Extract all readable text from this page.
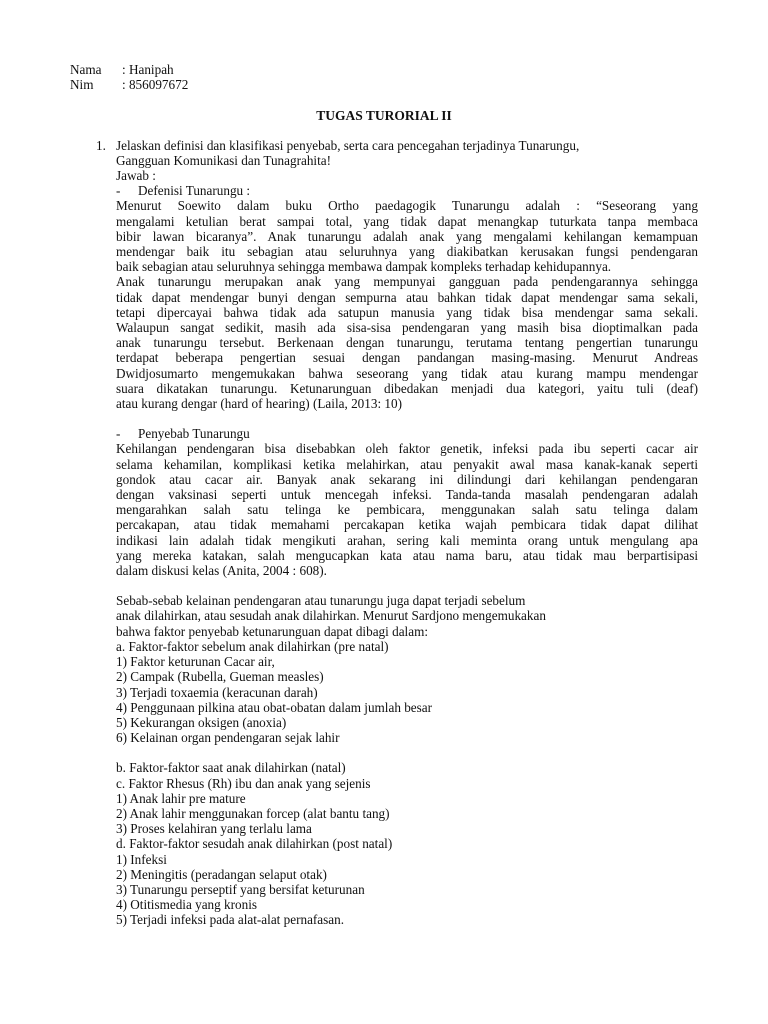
Nama	: Hanipah
Nim	: 856097672
TUGAS TURORIAL II
1. Jelaskan definisi dan klasifikasi penyebab, serta cara pencegahan terjadinya Tunarungu,
Gangguan Komunikasi dan Tunagrahita!
Jawab :
- Defenisi Tunarungu :
Menurut Soewito dalam buku Ortho paedagogik Tunarungu adalah : “Seseorang yang
mengalami ketulian berat sampai total, yang tidak dapat menangkap tuturkata tanpa membaca
bibir lawan bicaranya”. Anak tunarungu adalah anak yang mengalami kehilangan kemampuan
mendengar baik itu sebagian atau seluruhnya yang diakibatkan kerusakan fungsi pendengaran
baik sebagian atau seluruhnya sehingga membawa dampak kompleks terhadap kehidupannya.
Anak tunarungu merupakan anak yang mempunyai gangguan pada pendengarannya sehingga
tidak dapat mendengar bunyi dengan sempurna atau bahkan tidak dapat mendengar sama sekali,
tetapi dipercayai bahwa tidak ada satupun manusia yang tidak bisa mendengar sama sekali.
Walaupun sangat sedikit, masih ada sisa-sisa pendengaran yang masih bisa dioptimalkan pada
anak tunarungu tersebut. Berkenaan dengan tunarungu, terutama tentang pengertian tunarungu
terdapat beberapa pengertian sesuai dengan pandangan masing-masing. Menurut Andreas
Dwidjosumarto mengemukakan bahwa seseorang yang tidak atau kurang mampu mendengar
suara dikatakan tunarungu. Ketunarunguan dibedakan menjadi dua kategori, yaitu tuli (deaf)
atau kurang dengar (hard of hearing) (Laila, 2013: 10)
- Penyebab Tunarungu
Kehilangan pendengaran bisa disebabkan oleh faktor genetik, infeksi pada ibu seperti cacar air
selama kehamilan, komplikasi ketika melahirkan, atau penyakit awal masa kanak-kanak seperti
gondok atau cacar air. Banyak anak sekarang ini dilindungi dari kehilangan pendengaran
dengan vaksinasi seperti untuk mencegah infeksi. Tanda-tanda masalah pendengaran adalah
mengarahkan salah satu telinga ke pembicara, menggunakan salah satu telinga dalam
percakapan, atau tidak memahami percakapan ketika wajah pembicara tidak dapat dilihat
indikasi lain adalah tidak mengikuti arahan, sering kali meminta orang untuk mengulang apa
yang mereka katakan, salah mengucapkan kata atau nama baru, atau tidak mau berpartisipasi
dalam diskusi kelas (Anita, 2004 : 608).
Sebab-sebab kelainan pendengaran atau tunarungu juga dapat terjadi sebelum
anak dilahirkan, atau sesudah anak dilahirkan. Menurut Sardjono mengemukakan
bahwa faktor penyebab ketunarunguan dapat dibagi dalam:
a. Faktor-faktor sebelum anak dilahirkan (pre natal)
1) Faktor keturunan Cacar air,
2) Campak (Rubella, Gueman measles)
3) Terjadi toxaemia (keracunan darah)
4) Penggunaan pilkina atau obat-obatan dalam jumlah besar
5) Kekurangan oksigen (anoxia)
6) Kelainan organ pendengaran sejak lahir
b. Faktor-faktor saat anak dilahirkan (natal)
c. Faktor Rhesus (Rh) ibu dan anak yang sejenis
1) Anak lahir pre mature
2) Anak lahir menggunakan forcep (alat bantu tang)
3) Proses kelahiran yang terlalu lama
d. Faktor-faktor sesudah anak dilahirkan (post natal)
1) Infeksi
2) Meningitis (peradangan selaput otak)
3) Tunarungu perseptif yang bersifat keturunan
4) Otitismedia yang kronis
5) Terjadi infeksi pada alat-alat pernafasan.
